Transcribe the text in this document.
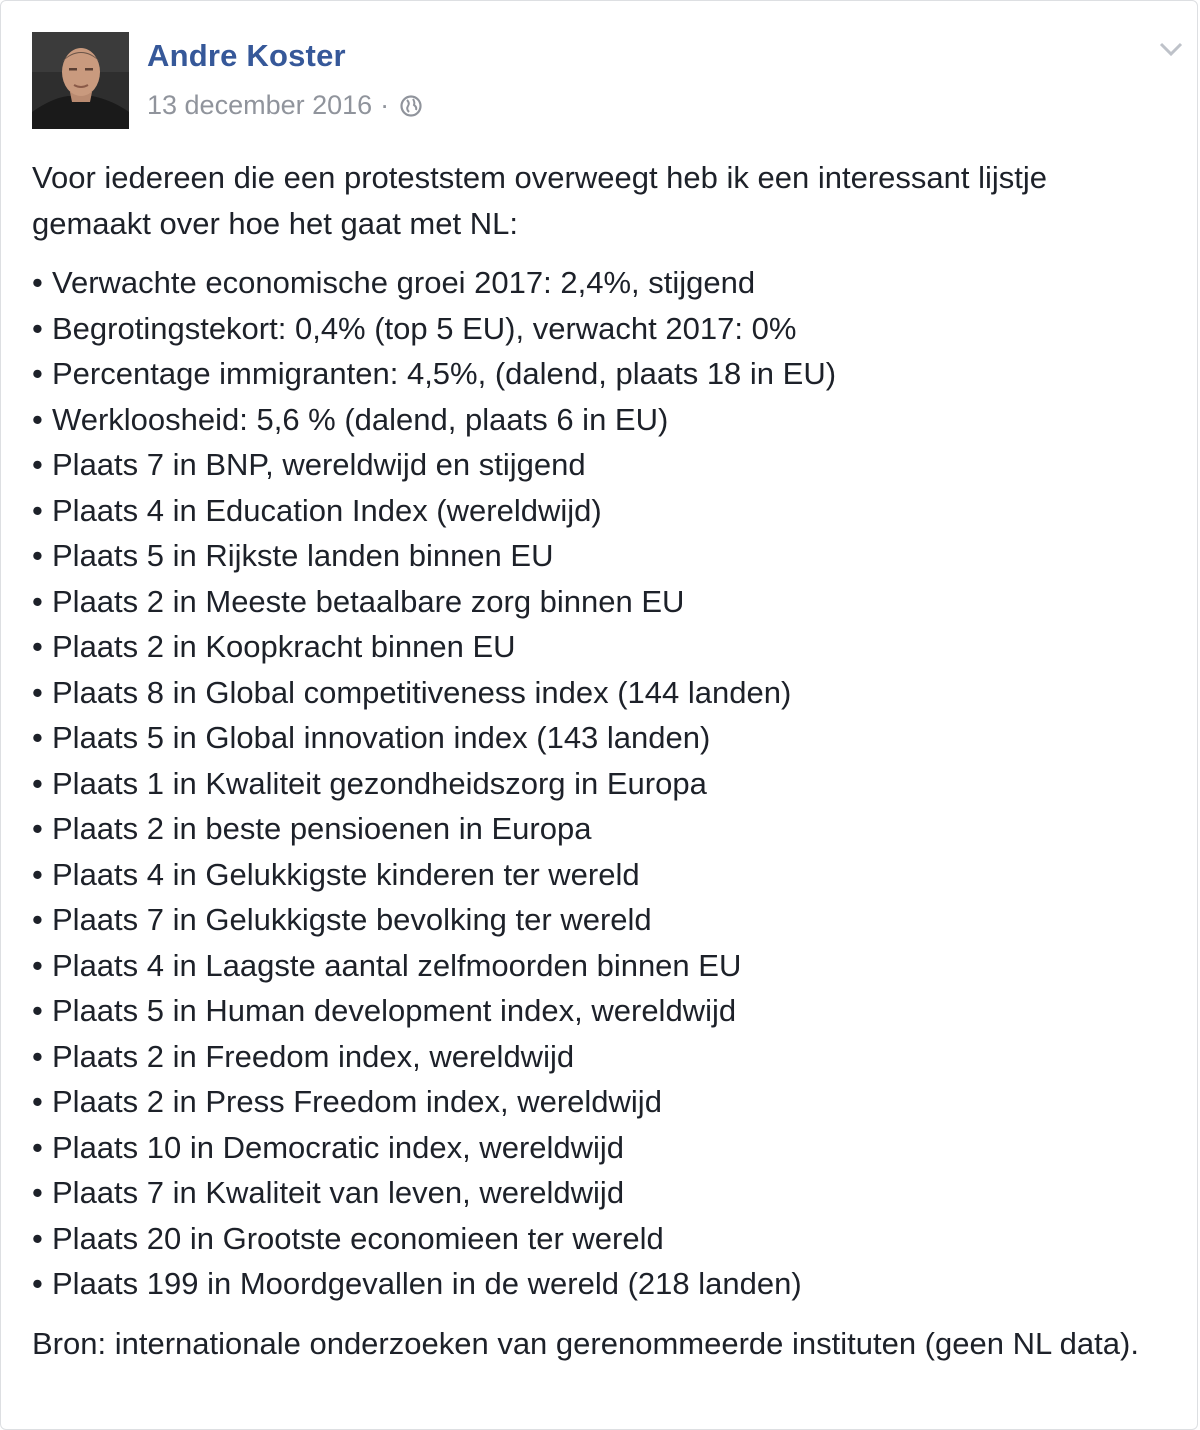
Andre Koster
13 december 2016 ·

Voor iedereen die een proteststem overweegt heb ik een interessant lijstje gemaakt over hoe het gaat met NL:

• Verwachte economische groei 2017: 2,4%, stijgend
• Begrotingstekort: 0,4% (top 5 EU), verwacht 2017: 0%
• Percentage immigranten: 4,5%, (dalend, plaats 18 in EU)
• Werkloosheid: 5,6 % (dalend, plaats 6 in EU)
• Plaats 7 in BNP, wereldwijd en stijgend
• Plaats 4 in Education Index (wereldwijd)
• Plaats 5 in Rijkste landen binnen EU
• Plaats 2 in Meeste betaalbare zorg binnen EU
• Plaats 2 in Koopkracht binnen EU
• Plaats 8 in Global competitiveness index (144 landen)
• Plaats 5 in Global innovation index (143 landen)
• Plaats 1 in Kwaliteit gezondheidszorg in Europa
• Plaats 2 in beste pensioenen in Europa
• Plaats 4 in Gelukkigste kinderen ter wereld
• Plaats 7 in Gelukkigste bevolking ter wereld
• Plaats 4 in Laagste aantal zelfmoorden binnen EU
• Plaats 5 in Human development index, wereldwijd
• Plaats 2 in Freedom index, wereldwijd
• Plaats 2 in Press Freedom index, wereldwijd
• Plaats 10 in Democratic index, wereldwijd
• Plaats 7 in Kwaliteit van leven, wereldwijd
• Plaats 20 in Grootste economieen ter wereld
• Plaats 199 in Moordgevallen in de wereld (218 landen)

Bron: internationale onderzoeken van gerenommeerde instituten (geen NL data).
